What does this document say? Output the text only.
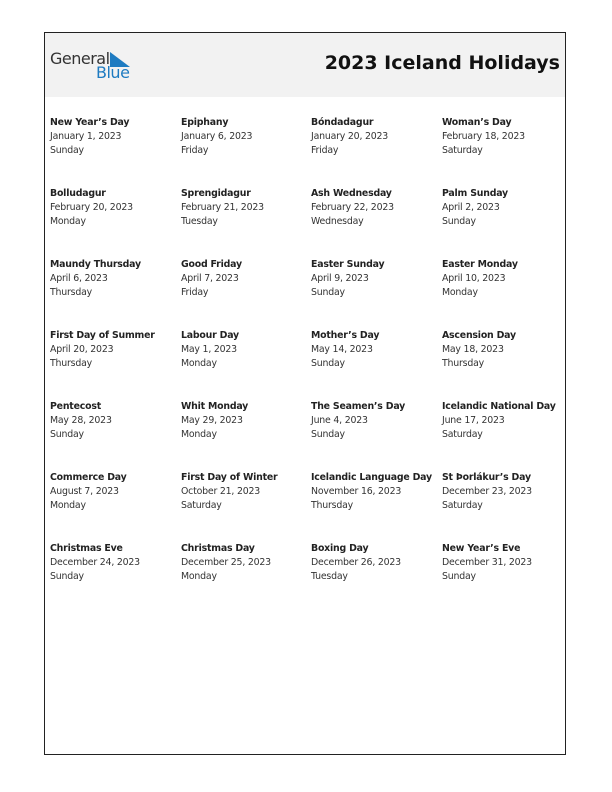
General
Blue	2023 Iceland Holidays
New Year’s Day
January 1, 2023
Sunday
Epiphany
January 6, 2023
Friday
Bóndadagur
January 20, 2023
Friday
Woman’s Day
February 18, 2023
Saturday
Bolludagur
February 20, 2023
Monday
Sprengidagur
February 21, 2023
Tuesday
Ash Wednesday
February 22, 2023
Wednesday
Palm Sunday
April 2, 2023
Sunday
Maundy Thursday
April 6, 2023
Thursday
Good Friday
April 7, 2023
Friday
Easter Sunday
April 9, 2023
Sunday
Easter Monday
April 10, 2023
Monday
First Day of Summer
April 20, 2023
Thursday
Labour Day
May 1, 2023
Monday
Mother’s Day
May 14, 2023
Sunday
Ascension Day
May 18, 2023
Thursday
Pentecost
May 28, 2023
Sunday
Whit Monday
May 29, 2023
Monday
The Seamen’s Day
June 4, 2023
Sunday
Icelandic National Day
June 17, 2023
Saturday
Commerce Day
August 7, 2023
Monday
First Day of Winter
October 21, 2023
Saturday
Icelandic Language Day
November 16, 2023
Thursday
St Þorlákur’s Day
December 23, 2023
Saturday
Christmas Eve
December 24, 2023
Sunday
Christmas Day
December 25, 2023
Monday
Boxing Day
December 26, 2023
Tuesday
New Year’s Eve
December 31, 2023
Sunday
